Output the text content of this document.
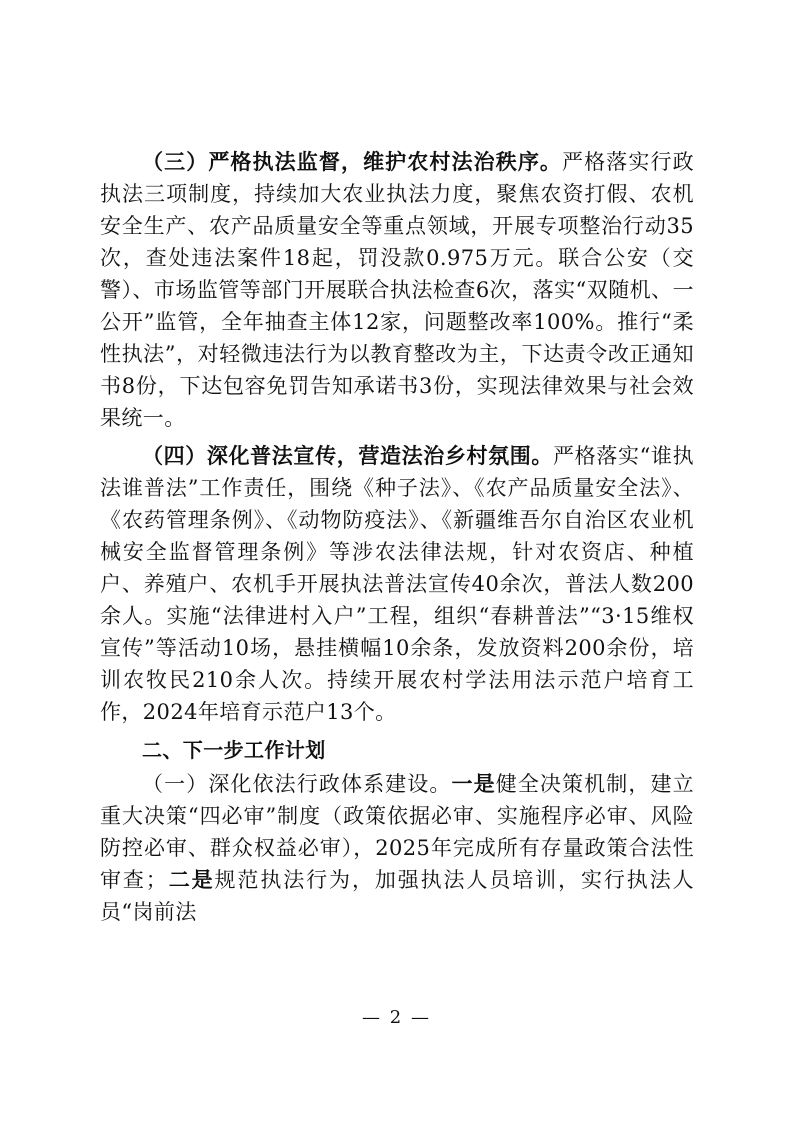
（三）严格执法监督，维护农村法治秩序。严格落实行政执法三项制度，持续加大农业执法力度，聚焦农资打假、农机安全生产、农产品质量安全等重点领域，开展专项整治行动35次，查处违法案件18起，罚没款0.975万元。联合公安（交警）、市场监管等部门开展联合执法检查6次，落实“双随机、一公开”监管，全年抽查主体12家，问题整改率100%。推行“柔性执法”，对轻微违法行为以教育整改为主，下达责令改正通知书8份，下达包容免罚告知承诺书3份，实现法律效果与社会效果统一。

（四）深化普法宣传，营造法治乡村氛围。严格落实“谁执法谁普法”工作责任，围绕《种子法》、《农产品质量安全法》、《农药管理条例》、《动物防疫法》、《新疆维吾尔自治区农业机械安全监督管理条例》等涉农法律法规，针对农资店、种植户、养殖户、农机手开展执法普法宣传40余次，普法人数200余人。实施“法律进村入户”工程，组织“春耕普法”“3·15维权宣传”等活动10场，悬挂横幅10余条，发放资料200余份，培训农牧民210余人次。持续开展农村学法用法示范户培育工作，2024年培育示范户13个。

二、下一步工作计划

（一）深化依法行政体系建设。一是健全决策机制，建立重大决策“四必审”制度（政策依据必审、实施程序必审、风险防控必审、群众权益必审），2025年完成所有存量政策合法性审查；二是规范执法行为，加强执法人员培训，实行执法人员“岗前法

— 2 —
